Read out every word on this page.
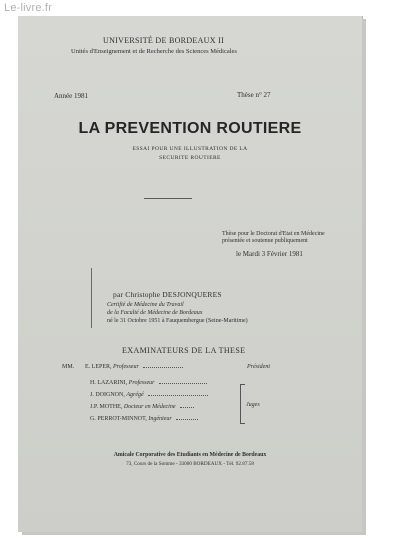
Le-livre.fr
UNIVERSITÉ DE BORDEAUX II
Unités d'Enseignement et de Recherche des Sciences Médicales
Année 1981	Thèse n° 27
LA PREVENTION ROUTIERE
ESSAI POUR UNE ILLUSTRATION DE LA
SECURITE ROUTIERE
Thèse pour le Doctorat d'Etat en Médecine
présentée et soutenue publiquement
le Mardi 3 Février 1981
par Christophe DESJONQUERES
Certifié de Médecine du Travail
de la Faculté de Médecine de Bordeaux
né le 31 Octobre 1951 à Fauquembergue (Seine-Maritime)
EXAMINATEURS DE LA THESE
MM. E. LEPER, Professeur	Président
H. LAZARINI, Professeur
J. DOIGNON, Agrégé
J.P. MOTHE, Docteur en Médecine
G. PERROT-MINNOT, Ingénieur
Juges
Amicale Corporative des Etudiants en Médecine de Bordeaux
73, Cours de la Somme - 33000 BORDEAUX - Tél. 92.87.58
